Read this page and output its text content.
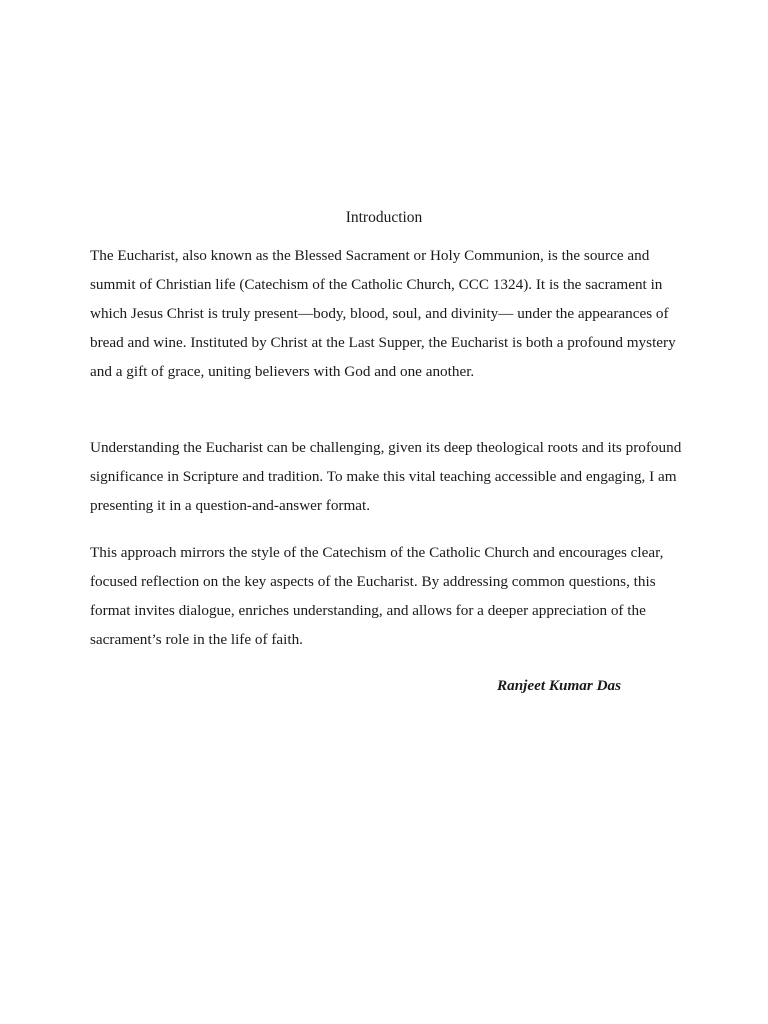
Introduction

The Eucharist, also known as the Blessed Sacrament or Holy Communion, is the source and summit of Christian life (Catechism of the Catholic Church, CCC 1324). It is the sacrament in which Jesus Christ is truly present—body, blood, soul, and divinity— under the appearances of bread and wine. Instituted by Christ at the Last Supper, the Eucharist is both a profound mystery and a gift of grace, uniting believers with God and one another.

Understanding the Eucharist can be challenging, given its deep theological roots and its profound significance in Scripture and tradition. To make this vital teaching accessible and engaging, I am presenting it in a question-and-answer format.

This approach mirrors the style of the Catechism of the Catholic Church and encourages clear, focused reflection on the key aspects of the Eucharist. By addressing common questions, this format invites dialogue, enriches understanding, and allows for a deeper appreciation of the sacrament’s role in the life of faith.

Ranjeet Kumar Das
